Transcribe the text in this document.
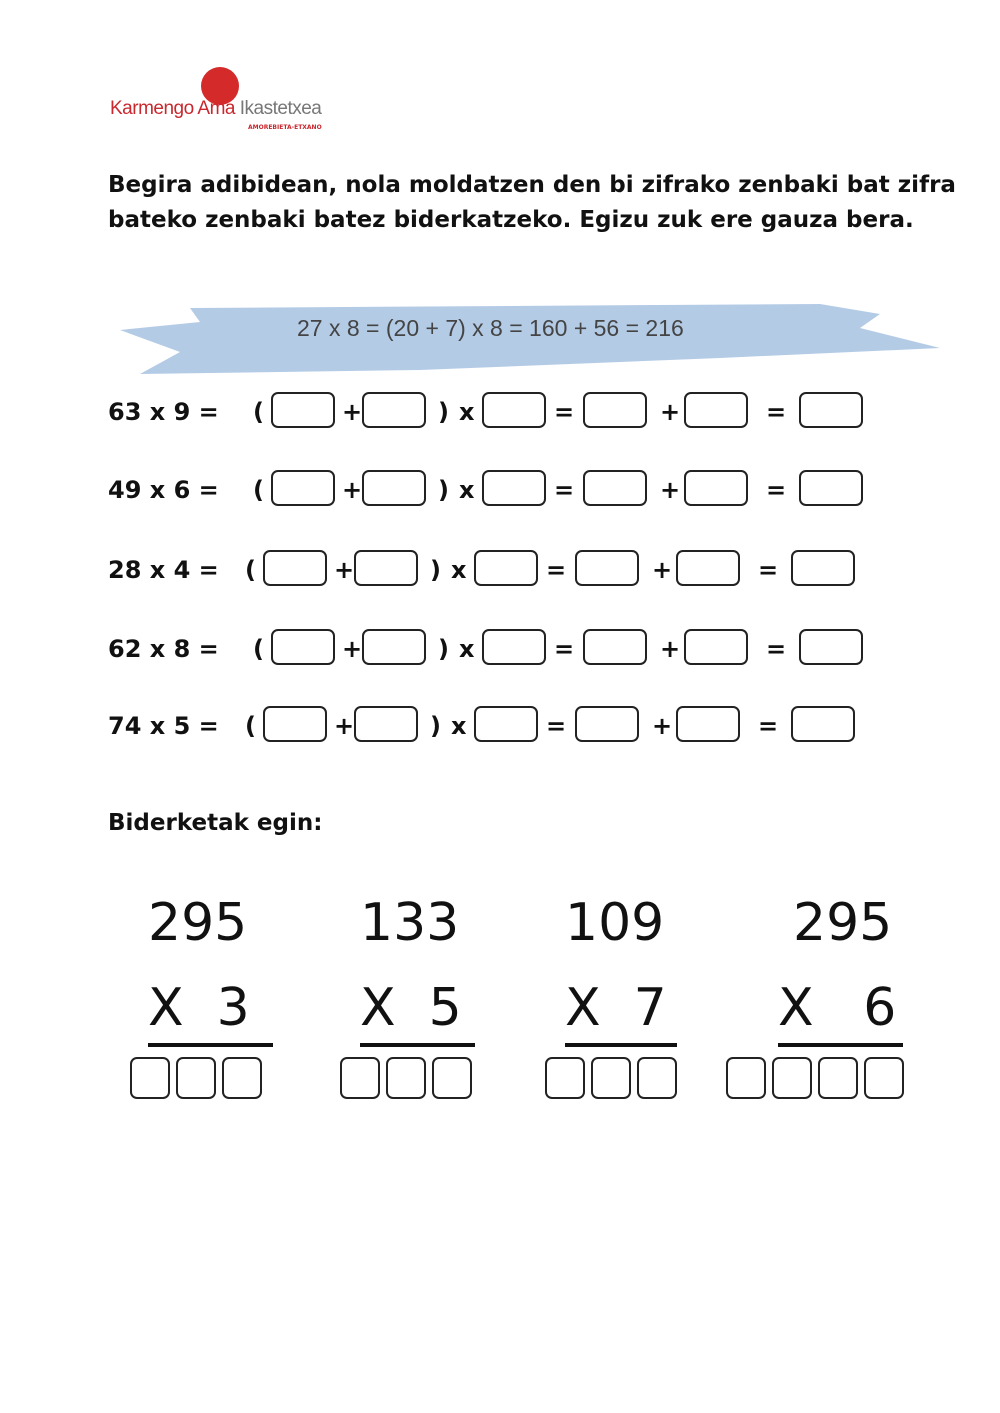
Karmengo Ama Ikastetxea
AMOREBIETA-ETXANO
Begira adibidean, nola moldatzen den bi zifrako zenbaki bat zifra bateko zenbaki batez biderkatzeko. Egizu zuk ere gauza bera.
27 x 8 = (20 + 7) x 8 = 160 + 56 = 216
63 x 9 = (	+	) x	=	+	=
49 x 6 = (	+	) x	=	+	=
28 x 4 = (	+	) x	=	+	=
62 x 8 = (	+	) x	=	+	=
74 x 5 = (	+	) x	=	+	=
Biderketak egin:
295
X  3
133
X  5
109
X  7
295
X   6
